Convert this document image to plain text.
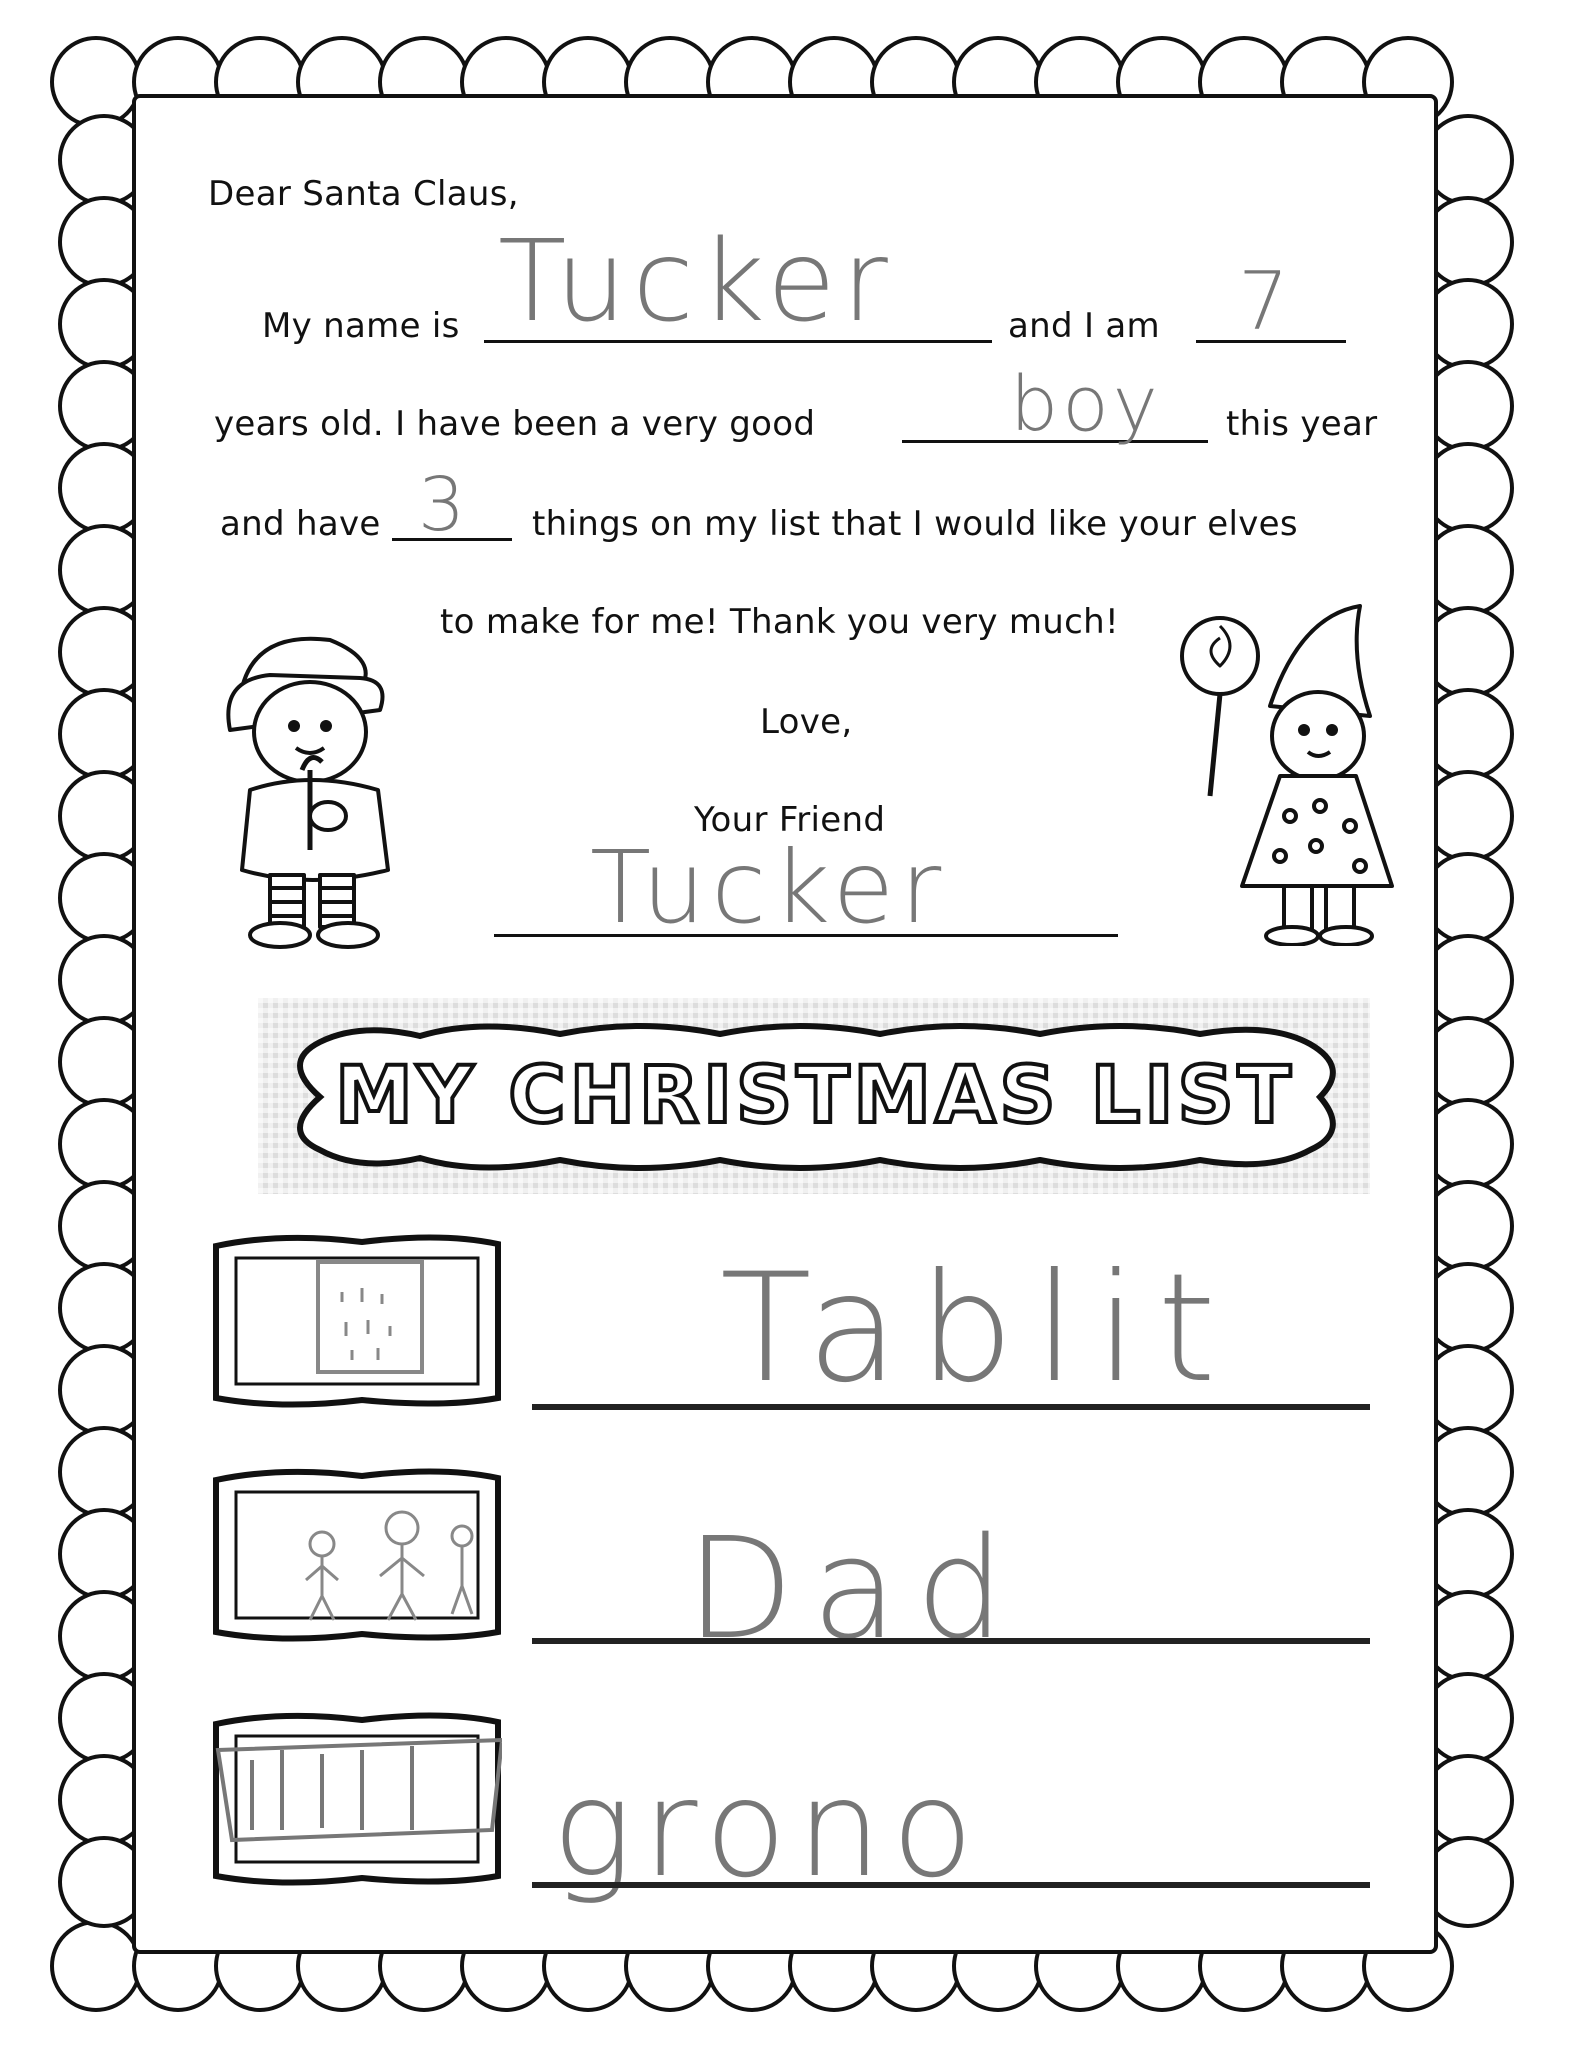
Dear Santa Claus,
My name is Tucker	and I am 7
years old. I have been a very good	boy this year
and have 3 things on my list that I would like your elves
to make for me! Thank you very much!
Love,
Your Friend
Tucker
MY CHRISTMAS LIST
Tablit
Dad
grono
